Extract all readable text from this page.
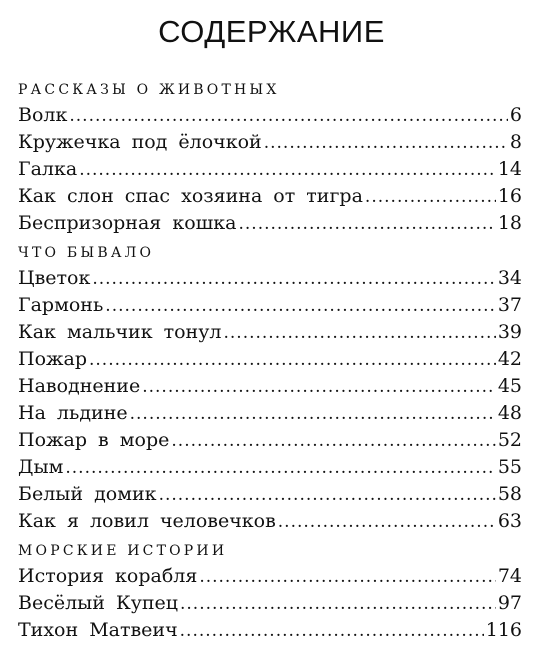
СОДЕРЖАНИЕ
РАССКАЗЫ О ЖИВОТНЫХ
Волк .....	6
Кружечка под ёлочкой .....	8
Галка .....	14
Как слон спас хозяина от тигра .....	16
Беспризорная кошка .....	18
ЧТО БЫВАЛО
Цветок .....	34
Гармонь .....	37
Как мальчик тонул .....	39
Пожар .....	42
Наводнение .....	45
На льдине .....	48
Пожар в море .....	52
Дым .....	55
Белый домик .....	58
Как я ловил человечков .....	63
МОРСКИЕ ИСТОРИИ
История корабля .....	74
Весёлый Купец .....	97
Тихон Матвеич .....	116
